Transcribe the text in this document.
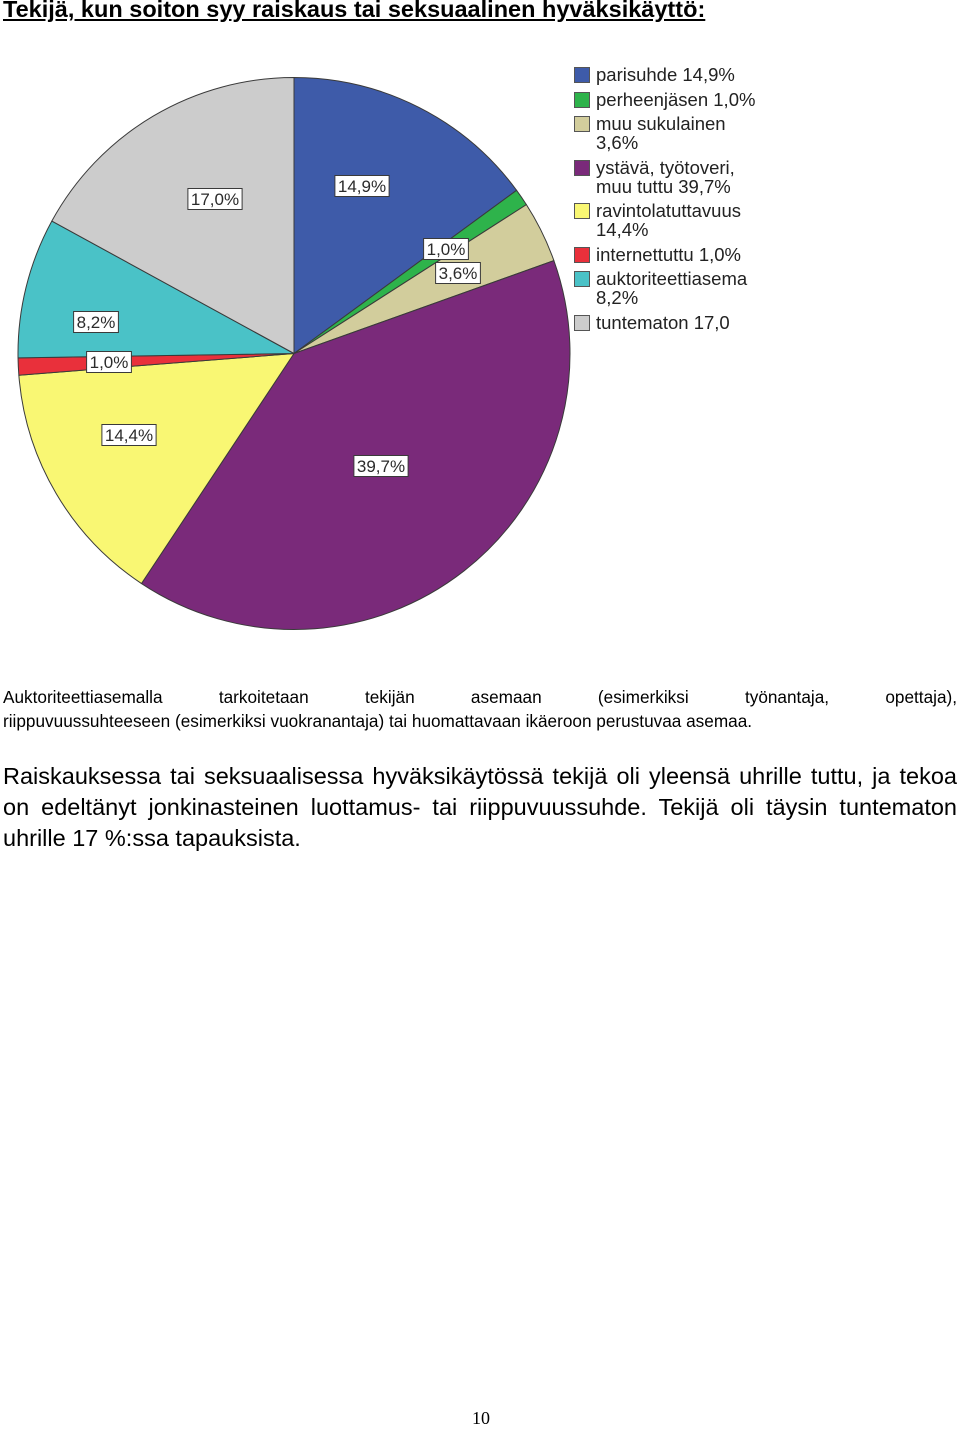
Tekijä, kun soiton syy raiskaus tai seksuaalinen hyväksikäyttö:
14,9%
1,0%
3,6%
39,7%
14,4%
1,0%
8,2%
17,0%
parisuhde 14,9%
perheenjäsen 1,0%
muu sukulainen
3,6%
ystävä, työtoveri,
muu tuttu 39,7%
ravintolatuttavuus
14,4%
internettuttu 1,0%
auktoriteettiasema
8,2%
tuntematon 17,0
Auktoriteettiasemalla tarkoitetaan tekijän asemaan (esimerkiksi työnantaja, opettaja),
riippuvuussuhteeseen (esimerkiksi vuokranantaja) tai huomattavaan ikäeroon perustuvaa asemaa.
Raiskauksessa tai seksuaalisessa hyväksikäytössä tekijä oli yleensä uhrille tuttu, ja tekoa
on edeltänyt jonkinasteinen luottamus- tai riippuvuussuhde. Tekijä oli täysin tuntematon
uhrille 17 %:ssa tapauksista.
10
